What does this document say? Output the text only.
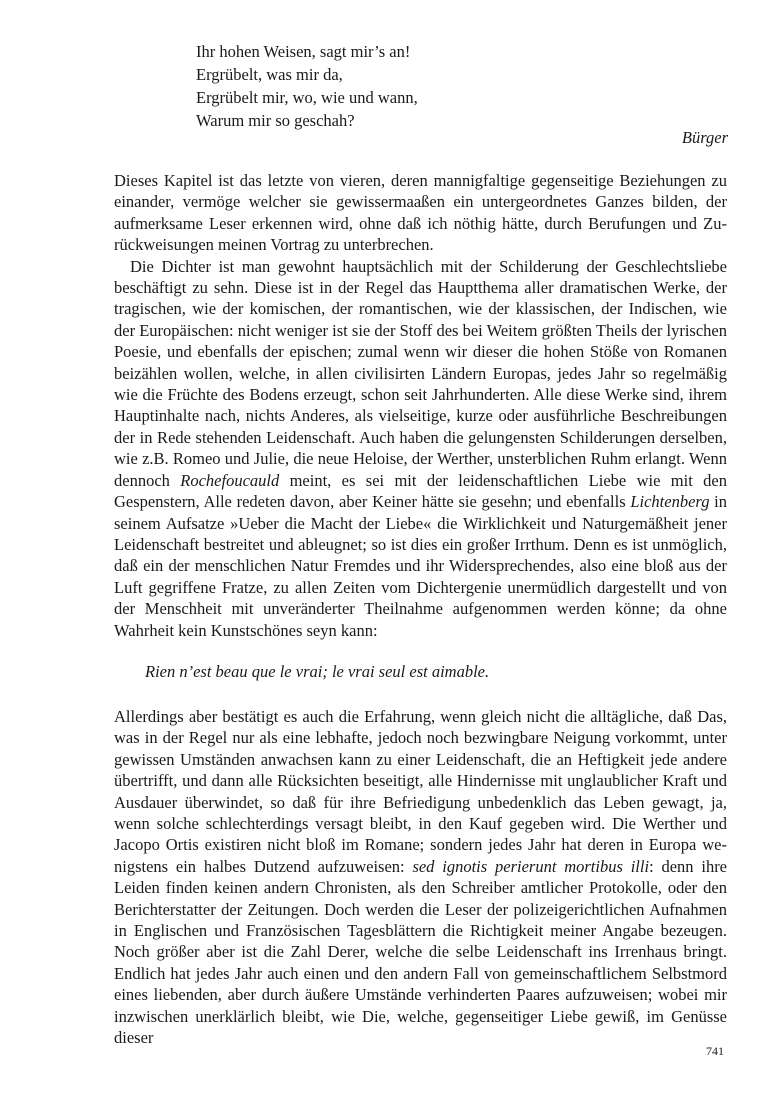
Ihr hohen Weisen, sagt mir’s an!
Ergrübelt, was mir da,
Ergrübelt mir, wo, wie und wann,
Warum mir so geschah?
Bürger

Dieses Kapitel ist das letzte von vieren, deren mannigfaltige gegenseitige Beziehungen zu einander, vermöge welcher sie gewissermaaßen ein untergeordnetes Ganzes bilden, der aufmerksame Leser erkennen wird, ohne daß ich nöthig hätte, durch Berufungen und Zurückweisungen meinen Vortrag zu unterbrechen.

Die Dichter ist man gewohnt hauptsächlich mit der Schilderung der Geschlechtsliebe beschäftigt zu sehn. Diese ist in der Regel das Hauptthema aller dramatischen Werke, der tragischen, wie der komischen, der romantischen, wie der klassischen, der Indischen, wie der Europäischen: nicht weniger ist sie der Stoff des bei Weitem größten Theils der lyrischen Poesie, und ebenfalls der epischen; zumal wenn wir dieser die hohen Stöße von Romanen beizählen wollen, welche, in allen civilisirten Ländern Europas, jedes Jahr so regelmäßig wie die Früchte des Bodens erzeugt, schon seit Jahrhunderten. Alle diese Werke sind, ihrem Hauptinhalte nach, nichts Anderes, als vielseitige, kurze oder ausführliche Beschreibungen der in Rede stehenden Leidenschaft. Auch haben die gelungensten Schilderungen derselben, wie z.B. Romeo und Julie, die neue Heloise, der Werther, unsterblichen Ruhm erlangt. Wenn dennoch Rochefoucauld meint, es sei mit der leidenschaftlichen Liebe wie mit den Gespenstern, Alle redeten davon, aber Keiner hätte sie gesehn; und ebenfalls Lichtenberg in seinem Aufsatze »Ueber die Macht der Liebe« die Wirklichkeit und Naturgemäßheit jener Leidenschaft bestreitet und ableugnet; so ist dies ein großer Irrthum. Denn es ist unmöglich, daß ein der menschlichen Natur Fremdes und ihr Widersprechendes, also eine bloß aus der Luft gegriffene Fratze, zu allen Zeiten vom Dichtergenie unermüdlich dargestellt und von der Menschheit mit unveränderter Theilnahme aufgenommen werden könne; da ohne Wahrheit kein Kunstschönes seyn kann:

Rien n’est beau que le vrai; le vrai seul est aimable.

Allerdings aber bestätigt es auch die Erfahrung, wenn gleich nicht die alltägliche, daß Das, was in der Regel nur als eine lebhafte, jedoch noch bezwingbare Neigung vorkommt, unter gewissen Umständen anwachsen kann zu einer Leidenschaft, die an Heftigkeit jede andere übertrifft, und dann alle Rücksichten beseitigt, alle Hindernisse mit unglaublicher Kraft und Ausdauer überwindet, so daß für ihre Befriedigung unbedenklich das Leben gewagt, ja, wenn solche schlechterdings versagt bleibt, in den Kauf gegeben wird. Die Werther und Jacopo Ortis existiren nicht bloß im Romane; sondern jedes Jahr hat deren in Europa wenigstens ein halbes Dutzend aufzuweisen: sed ignotis perierunt mortibus illi: denn ihre Leiden finden keinen andern Chronisten, als den Schreiber amtlicher Protokolle, oder den Berichterstatter der Zeitungen. Doch werden die Leser der polizeigerichtlichen Aufnahmen in Englischen und Französischen Tagesblättern die Richtigkeit meiner Angabe bezeugen. Noch größer aber ist die Zahl Derer, welche die selbe Leidenschaft ins Irrenhaus bringt. Endlich hat jedes Jahr auch einen und den andern Fall von gemeinschaftlichem Selbstmord eines liebenden, aber durch äußere Umstände verhinderten Paares aufzuweisen; wobei mir inzwischen unerklärlich bleibt, wie Die, welche, gegenseitiger Liebe gewiß, im Genüsse dieser

741
